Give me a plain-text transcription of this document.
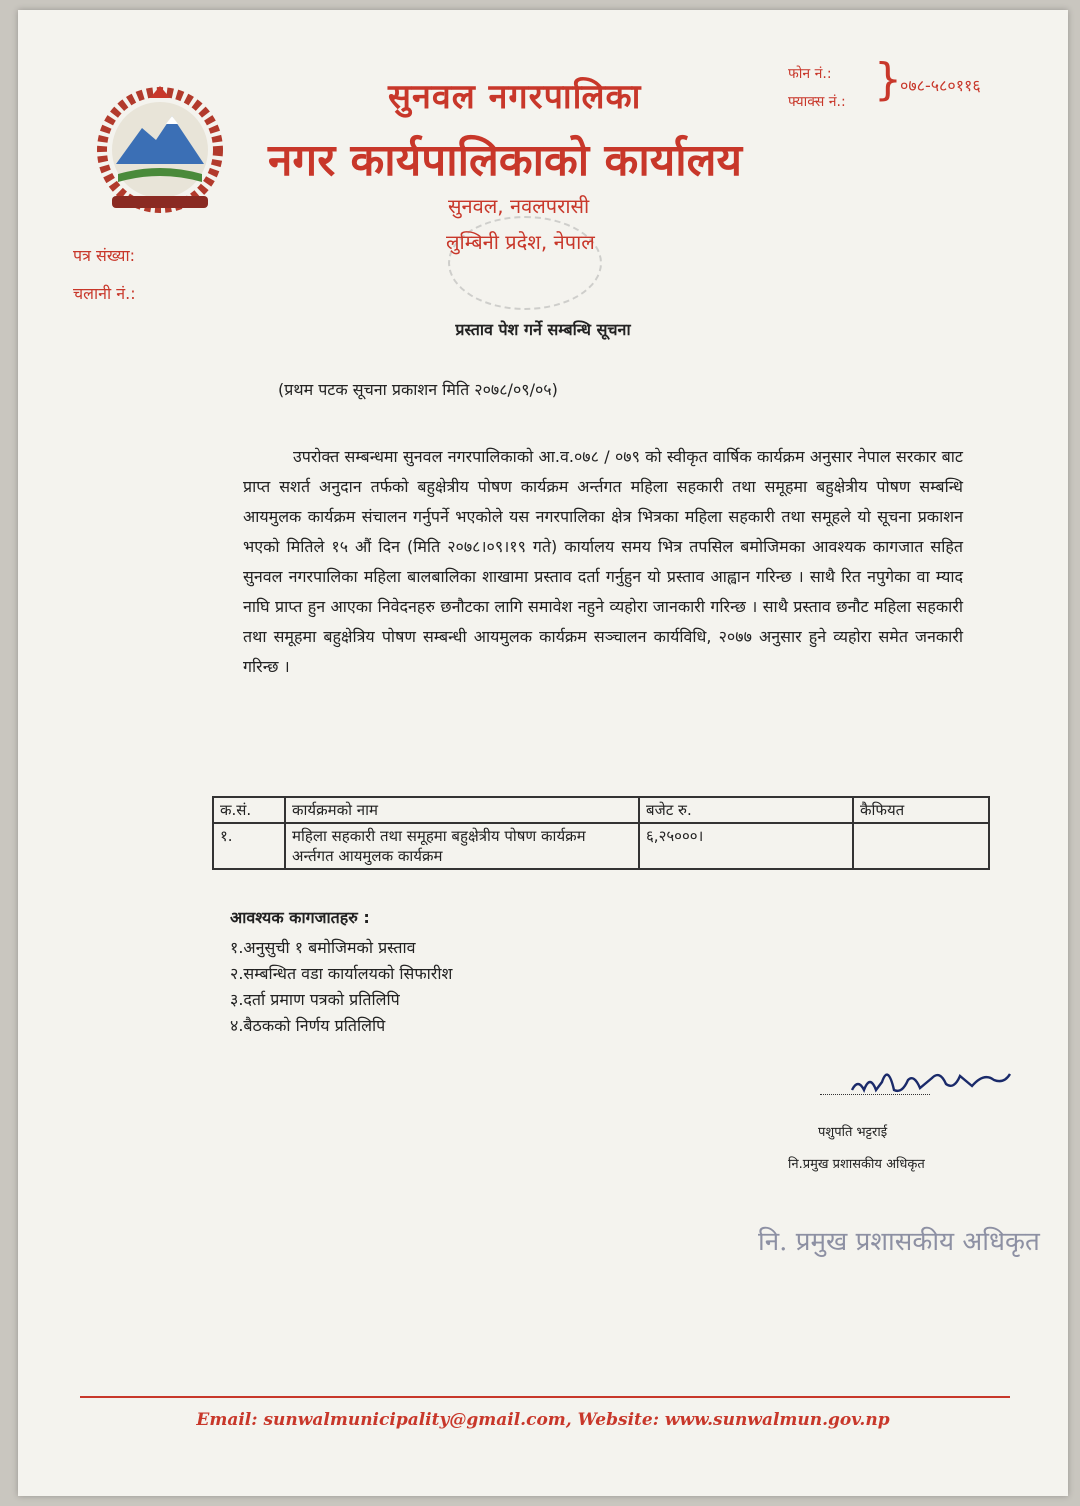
फोन नं.:
फ्याक्स नं.: }
०७८-५८०११६
सुनवल नगरपालिका
नगर कार्यपालिकाको कार्यालय
सुनवल, नवलपरासी
लुम्बिनी प्रदेश, नेपाल
पत्र संख्या:
चलानी नं.:
प्रस्ताव पेश गर्ने सम्बन्धि सूचना
(प्रथम पटक सूचना प्रकाशन मिति २०७८/०९/०५)
उपरोक्त सम्बन्धमा सुनवल नगरपालिकाको आ.व.०७८ / ०७९ को स्वीकृत वार्षिक कार्यक्रम अनुसार नेपाल सरकार बाट प्राप्त सशर्त अनुदान तर्फको बहुक्षेत्रीय पोषण कार्यक्रम अर्न्तगत महिला सहकारी तथा समूहमा बहुक्षेत्रीय पोषण सम्बन्धि आयमुलक कार्यक्रम संचालन गर्नुपर्ने भएकोले यस नगरपालिका क्षेत्र भित्रका महिला सहकारी तथा समूहले यो सूचना प्रकाशन भएको मितिले १५ औं दिन (मिति २०७८।०९।१९ गते) कार्यालय समय भित्र तपसिल बमोजिमका आवश्यक कागजात सहित सुनवल नगरपालिका महिला बालबालिका शाखामा प्रस्ताव दर्ता गर्नुहुन यो प्रस्ताव आह्वान गरिन्छ । साथै रित नपुगेका वा म्याद नाघि प्राप्त हुन आएका निवेदनहरु छनौटका लागि समावेश नहुने व्यहोरा जानकारी गरिन्छ । साथै प्रस्ताव छनौट महिला सहकारी तथा समूहमा बहुक्षेत्रिय पोषण सम्बन्धी आयमुलक कार्यक्रम सञ्चालन कार्यविधि, २०७७ अनुसार हुने व्यहोरा समेत जनकारी गरिन्छ ।
क.सं.	कार्यक्रमको नाम	बजेट रु.	कैफियत
१.	महिला सहकारी तथा समूहमा बहुक्षेत्रीय पोषण कार्यक्रम अर्न्तगत आयमुलक कार्यक्रम	६,२५०००।	
आवश्यक कागजातहरु :
१.अनुसुची १ बमोजिमको प्रस्ताव
२.सम्बन्धित वडा कार्यालयको सिफारीश
३.दर्ता प्रमाण पत्रको प्रतिलिपि
४.बैठकको निर्णय प्रतिलिपि
पशुपति भट्टराई
नि.प्रमुख प्रशासकीय अधिकृत
नि. प्रमुख प्रशासकीय अधिकृत
Email: sunwalmunicipality@gmail.com, Website: www.sunwalmun.gov.np
